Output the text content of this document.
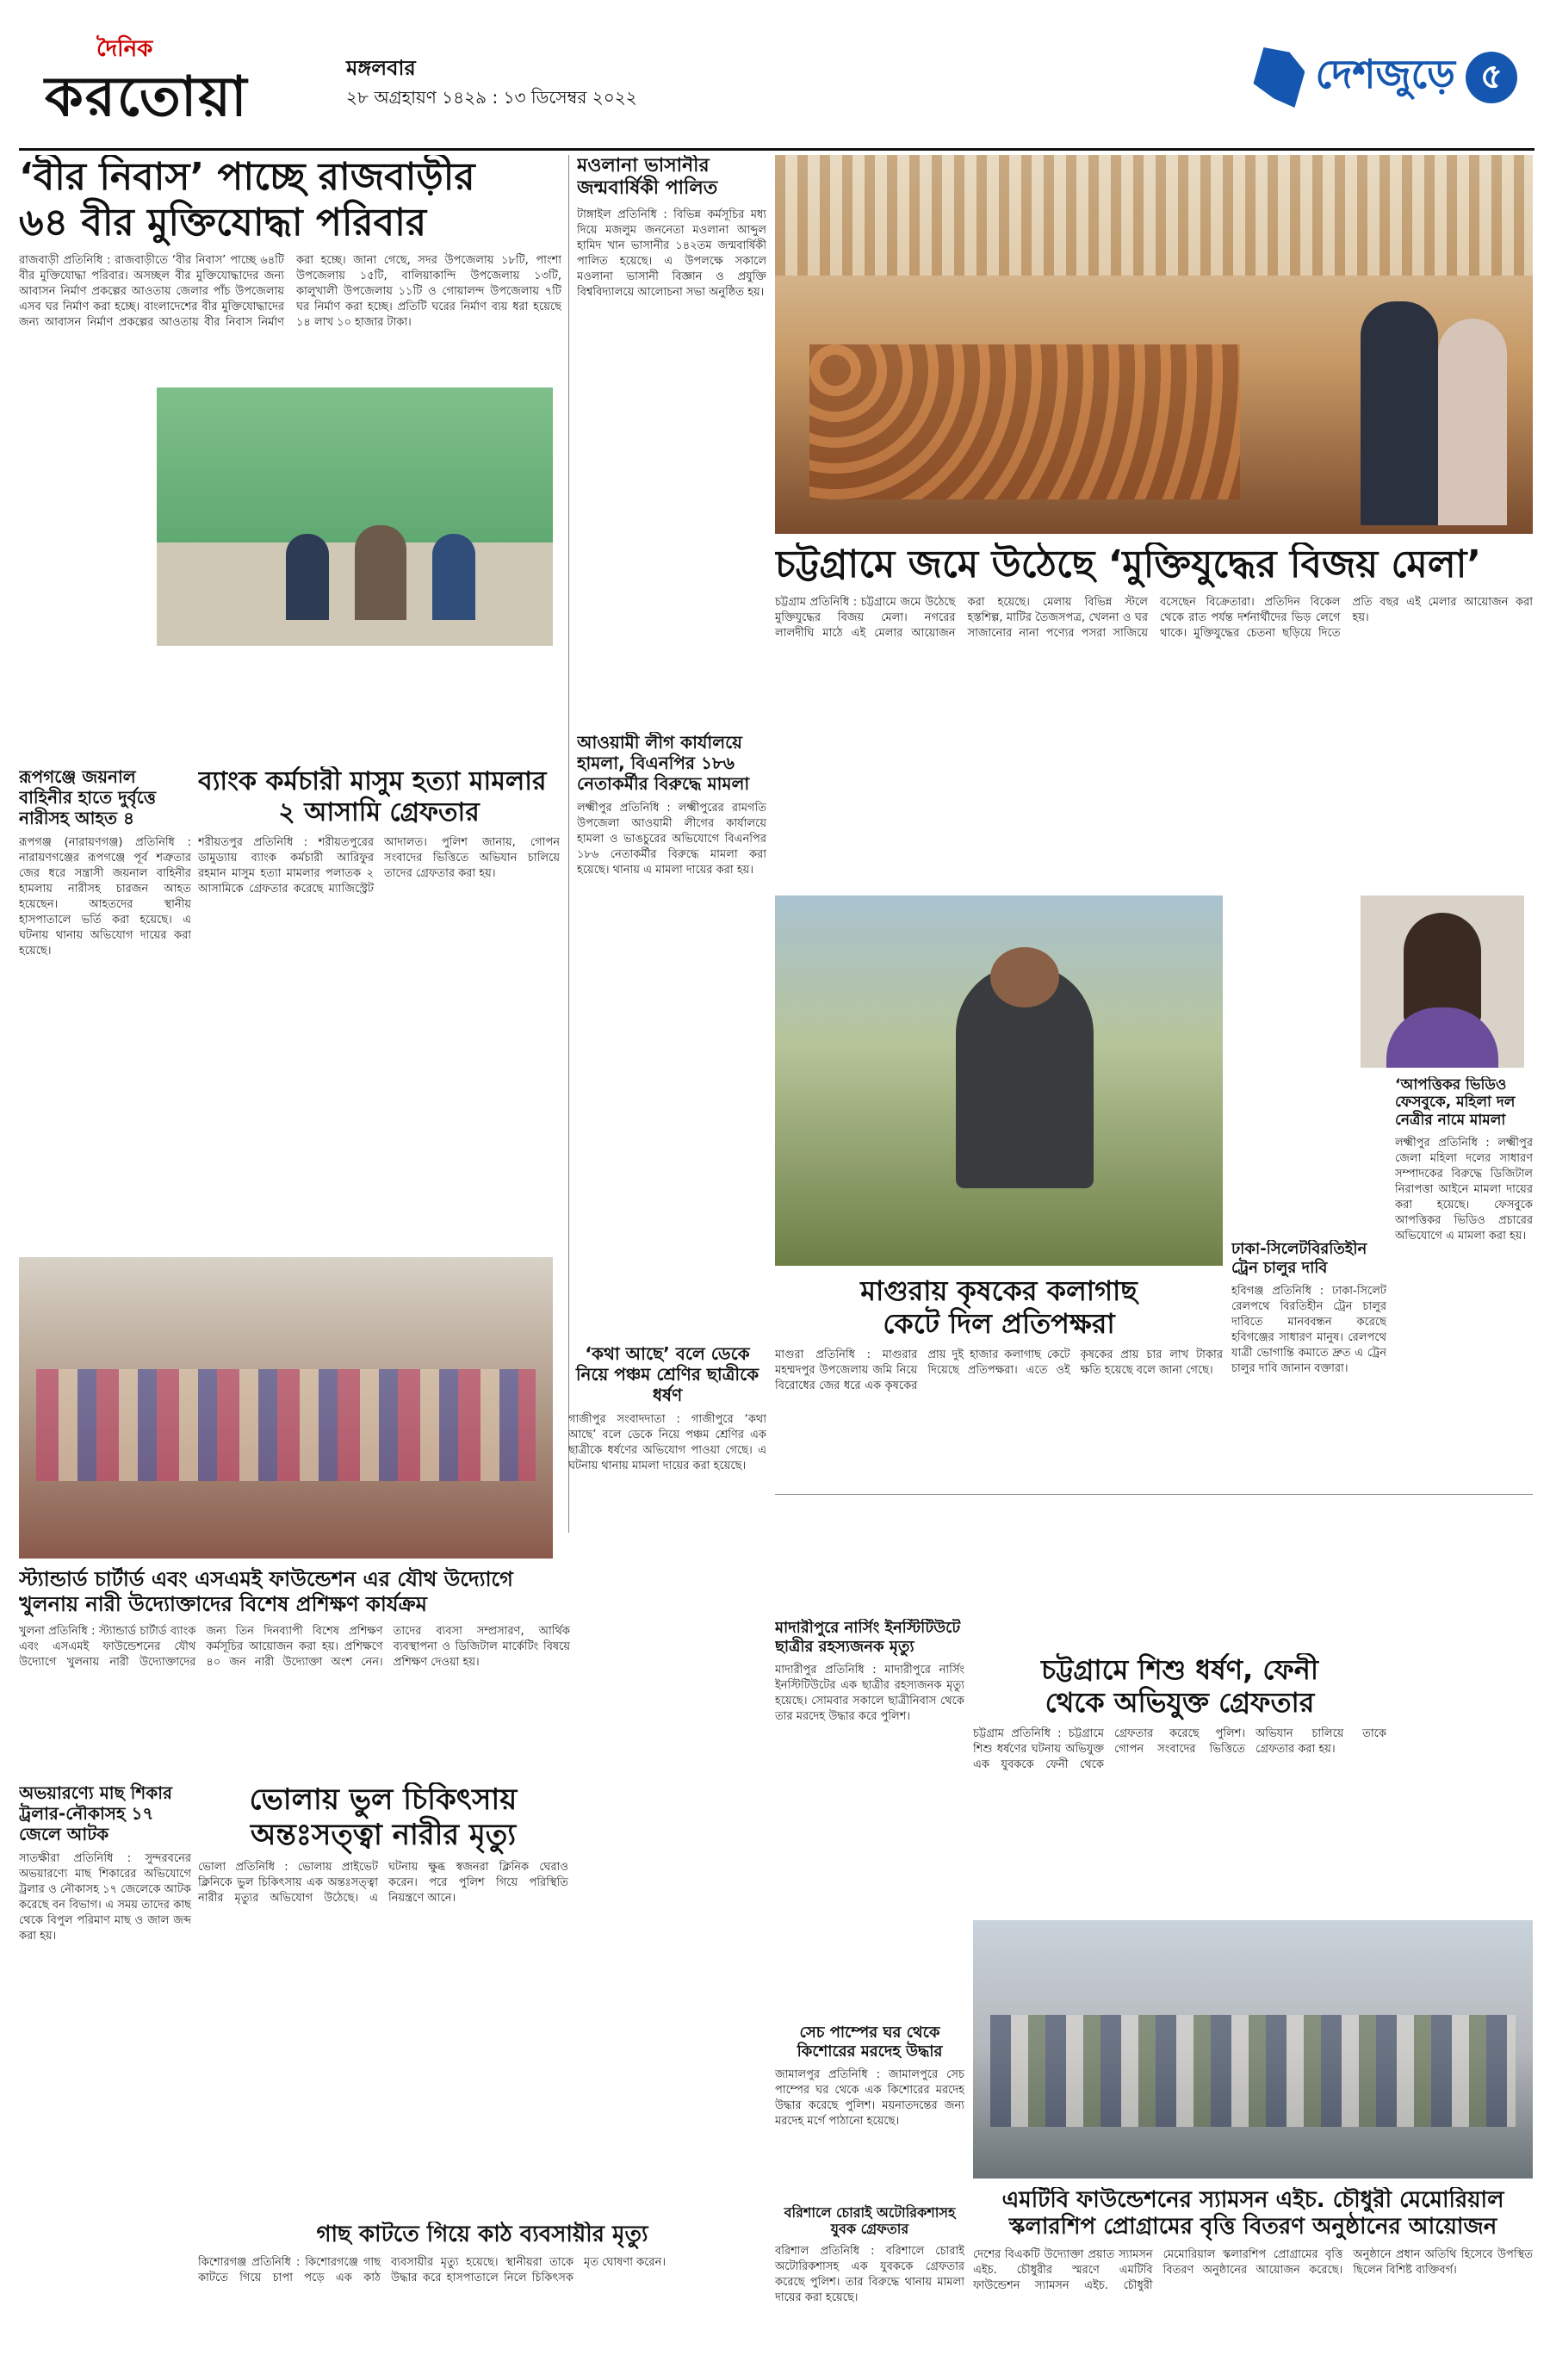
দৈনিক
করতোয়া	মঙ্গলবার
২৮ অগ্রহায়ণ ১৪২৯ : ১৩ ডিসেম্বর ২০২২	দেশজুড়ে ৫
‘বীর নিবাস’ পাচ্ছে রাজবাড়ীর
৬৪ বীর মুক্তিযোদ্ধা পরিবার
রাজবাড়ী প্রতিনিধি : রাজবাড়ীতে ‘বীর নিবাস’ পাচ্ছে ৬৪টি বীর মুক্তিযোদ্ধা পরিবার। অসচ্ছল বীর মুক্তিযোদ্ধাদের জন্য আবাসন নির্মাণ প্রকল্পের আওতায় জেলার পাঁচ উপজেলায় এসব ঘর নির্মাণ করা হচ্ছে। বাংলাদেশের বীর মুক্তিযোদ্ধাদের জন্য আবাসন নির্মাণ প্রকল্পের আওতায় বীর নিবাস নির্মাণ করা হচ্ছে। জানা গেছে, সদর উপজেলায় ১৮টি, পাংশা উপজেলায় ১৫টি, বালিয়াকান্দি উপজেলায় ১৩টি, কালুখালী উপজেলায় ১১টি ও গোয়ালন্দ উপজেলায় ৭টি ঘর নির্মাণ করা হচ্ছে। প্রতিটি ঘরের নির্মাণ ব্যয় ধরা হয়েছে ১৪ লাখ ১০ হাজার টাকা।
মওলানা ভাসানীর জন্মবার্ষিকী পালিত
টাঙ্গাইল প্রতিনিধি : বিভিন্ন কর্মসূচির মধ্য দিয়ে মজলুম জননেতা মওলানা আব্দুল হামিদ খান ভাসানীর ১৪২তম জন্মবার্ষিকী পালিত হয়েছে। এ উপলক্ষে সকালে মওলানা ভাসানী বিজ্ঞান ও প্রযুক্তি বিশ্ববিদ্যালয়ে আলোচনা সভা অনুষ্ঠিত হয়।
চট্টগ্রামে জমে উঠেছে ‘মুক্তিযুদ্ধের বিজয় মেলা’
চট্টগ্রাম প্রতিনিধি : চট্টগ্রামে জমে উঠেছে মুক্তিযুদ্ধের বিজয় মেলা। নগরের লালদীঘি মাঠে এই মেলার আয়োজন করা হয়েছে। মেলায় বিভিন্ন স্টলে হস্তশিল্প, মাটির তৈজসপত্র, খেলনা ও ঘর সাজানোর নানা পণ্যের পসরা সাজিয়ে বসেছেন বিক্রেতারা। প্রতিদিন বিকেল থেকে রাত পর্যন্ত দর্শনার্থীদের ভিড় লেগে থাকে। মুক্তিযুদ্ধের চেতনা ছড়িয়ে দিতে প্রতি বছর এই মেলার আয়োজন করা হয়।
আওয়ামী লীগ কার্যালয়ে হামলা, বিএনপির ১৮৬ নেতাকর্মীর বিরুদ্ধে মামলা
লক্ষ্মীপুর প্রতিনিধি : লক্ষ্মীপুরের রামগতি উপজেলা আওয়ামী লীগের কার্যালয়ে হামলা ও ভাঙচুরের অভিযোগে বিএনপির ১৮৬ নেতাকর্মীর বিরুদ্ধে মামলা করা হয়েছে। থানায় এ মামলা দায়ের করা হয়।
রূপগঞ্জে জয়নাল বাহিনীর হাতে দুর্বৃত্তে নারীসহ আহত ৪
রূপগঞ্জ (নারায়ণগঞ্জ) প্রতিনিধি : নারায়ণগঞ্জের রূপগঞ্জে পূর্ব শত্রুতার জের ধরে সন্ত্রাসী জয়নাল বাহিনীর হামলায় নারীসহ চারজন আহত হয়েছেন। আহতদের স্থানীয় হাসপাতালে ভর্তি করা হয়েছে। এ ঘটনায় থানায় অভিযোগ দায়ের করা হয়েছে।
ব্যাংক কর্মচারী মাসুম হত্যা মামলার
২ আসামি গ্রেফতার
শরীয়তপুর প্রতিনিধি : শরীয়তপুরের ডামুড্যায় ব্যাংক কর্মচারী আরিফুর রহমান মাসুম হত্যা মামলার পলাতক ২ আসামিকে গ্রেফতার করেছে ম্যাজিস্ট্রেট আদালত। পুলিশ জানায়, গোপন সংবাদের ভিত্তিতে অভিযান চালিয়ে তাদের গ্রেফতার করা হয়।
মাগুরায় কৃষকের কলাগাছ
কেটে দিল প্রতিপক্ষরা
মাগুরা প্রতিনিধি : মাগুরার মহম্মদপুর উপজেলায় জমি নিয়ে বিরোধের জের ধরে এক কৃষকের প্রায় দুই হাজার কলাগাছ কেটে দিয়েছে প্রতিপক্ষরা। এতে ওই কৃষকের প্রায় চার লাখ টাকার ক্ষতি হয়েছে বলে জানা গেছে।
ঢাকা-সিলেটবিরতিহীন ট্রেন চালুর দাবি
হবিগঞ্জ প্রতিনিধি : ঢাকা-সিলেট রেলপথে বিরতিহীন ট্রেন চালুর দাবিতে মানববন্ধন করেছে হবিগঞ্জের সাধারণ মানুষ। রেলপথে যাত্রী ভোগান্তি কমাতে দ্রুত এ ট্রেন চালুর দাবি জানান বক্তারা।
‘আপত্তিকর ভিডিও ফেসবুকে, মহিলা দল নেত্রীর নামে মামলা
লক্ষ্মীপুর প্রতিনিধি : লক্ষ্মীপুর জেলা মহিলা দলের সাধারণ সম্পাদকের বিরুদ্ধে ডিজিটাল নিরাপত্তা আইনে মামলা দায়ের করা হয়েছে। ফেসবুকে আপত্তিকর ভিডিও প্রচারের অভিযোগে এ মামলা করা হয়।
‘কথা আছে’ বলে ডেকে নিয়ে পঞ্চম শ্রেণির ছাত্রীকে ধর্ষণ
গাজীপুর সংবাদদাতা : গাজীপুরে ‘কথা আছে’ বলে ডেকে নিয়ে পঞ্চম শ্রেণির এক ছাত্রীকে ধর্ষণের অভিযোগ পাওয়া গেছে। এ ঘটনায় থানায় মামলা দায়ের করা হয়েছে।
স্ট্যান্ডার্ড চার্টার্ড এবং এসএমই ফাউন্ডেশন এর যৌথ উদ্যোগে
খুলনায় নারী উদ্যোক্তাদের বিশেষ প্রশিক্ষণ কার্যক্রম
খুলনা প্রতিনিধি : স্ট্যান্ডার্ড চার্টার্ড ব্যাংক এবং এসএমই ফাউন্ডেশনের যৌথ উদ্যোগে খুলনায় নারী উদ্যোক্তাদের জন্য তিন দিনব্যাপী বিশেষ প্রশিক্ষণ কর্মসূচির আয়োজন করা হয়। প্রশিক্ষণে ৪০ জন নারী উদ্যোক্তা অংশ নেন। তাদের ব্যবসা সম্প্রসারণ, আর্থিক ব্যবস্থাপনা ও ডিজিটাল মার্কেটিং বিষয়ে প্রশিক্ষণ দেওয়া হয়।
মাদারীপুরে নার্সিং ইনস্টিটিউটে ছাত্রীর রহস্যজনক মৃত্যু
মাদারীপুর প্রতিনিধি : মাদারীপুরে নার্সিং ইনস্টিটিউটের এক ছাত্রীর রহস্যজনক মৃত্যু হয়েছে। সোমবার সকালে ছাত্রীনিবাস থেকে তার মরদেহ উদ্ধার করে পুলিশ।
চট্টগ্রামে শিশু ধর্ষণ, ফেনী
থেকে অভিযুক্ত গ্রেফতার
চট্টগ্রাম প্রতিনিধি : চট্টগ্রামে শিশু ধর্ষণের ঘটনায় অভিযুক্ত এক যুবককে ফেনী থেকে গ্রেফতার করেছে পুলিশ। গোপন সংবাদের ভিত্তিতে অভিযান চালিয়ে তাকে গ্রেফতার করা হয়।
অভয়ারণ্যে মাছ শিকার ট্রলার-নৌকাসহ ১৭ জেলে আটক
সাতক্ষীরা প্রতিনিধি : সুন্দরবনের অভয়ারণ্যে মাছ শিকারের অভিযোগে ট্রলার ও নৌকাসহ ১৭ জেলেকে আটক করেছে বন বিভাগ। এ সময় তাদের কাছ থেকে বিপুল পরিমাণ মাছ ও জাল জব্দ করা হয়।
ভোলায় ভুল চিকিৎসায়
অন্তঃসত্ত্বা নারীর মৃত্যু
ভোলা প্রতিনিধি : ভোলায় প্রাইভেট ক্লিনিকে ভুল চিকিৎসায় এক অন্তঃসত্ত্বা নারীর মৃত্যুর অভিযোগ উঠেছে। এ ঘটনায় ক্ষুব্ধ স্বজনরা ক্লিনিক ঘেরাও করেন। পরে পুলিশ গিয়ে পরিস্থিতি নিয়ন্ত্রণে আনে।
সেচ পাম্পের ঘর থেকে কিশোরের মরদেহ উদ্ধার
জামালপুর প্রতিনিধি : জামালপুরে সেচ পাম্পের ঘর থেকে এক কিশোরের মরদেহ উদ্ধার করেছে পুলিশ। ময়নাতদন্তের জন্য মরদেহ মর্গে পাঠানো হয়েছে।
বরিশালে চোরাই অটোরিকশাসহ যুবক গ্রেফতার
বরিশাল প্রতিনিধি : বরিশালে চোরাই অটোরিকশাসহ এক যুবককে গ্রেফতার করেছে পুলিশ। তার বিরুদ্ধে থানায় মামলা দায়ের করা হয়েছে।
গাছ কাটতে গিয়ে কাঠ ব্যবসায়ীর মৃত্যু
কিশোরগঞ্জ প্রতিনিধি : কিশোরগঞ্জে গাছ কাটতে গিয়ে চাপা পড়ে এক কাঠ ব্যবসায়ীর মৃত্যু হয়েছে। স্থানীয়রা তাকে উদ্ধার করে হাসপাতালে নিলে চিকিৎসক মৃত ঘোষণা করেন।
এমটিবি ফাউন্ডেশনের স্যামসন এইচ. চৌধুরী মেমোরিয়াল
স্কলারশিপ প্রোগ্রামের বৃত্তি বিতরণ অনুষ্ঠানের আয়োজন
দেশের বিএকটি উদ্যোক্তা প্রয়াত স্যামসন এইচ. চৌধুরীর স্মরণে এমটিবি ফাউন্ডেশন স্যামসন এইচ. চৌধুরী মেমোরিয়াল স্কলারশিপ প্রোগ্রামের বৃত্তি বিতরণ অনুষ্ঠানের আয়োজন করেছে। অনুষ্ঠানে প্রধান অতিথি হিসেবে উপস্থিত ছিলেন বিশিষ্ট ব্যক্তিবর্গ।
